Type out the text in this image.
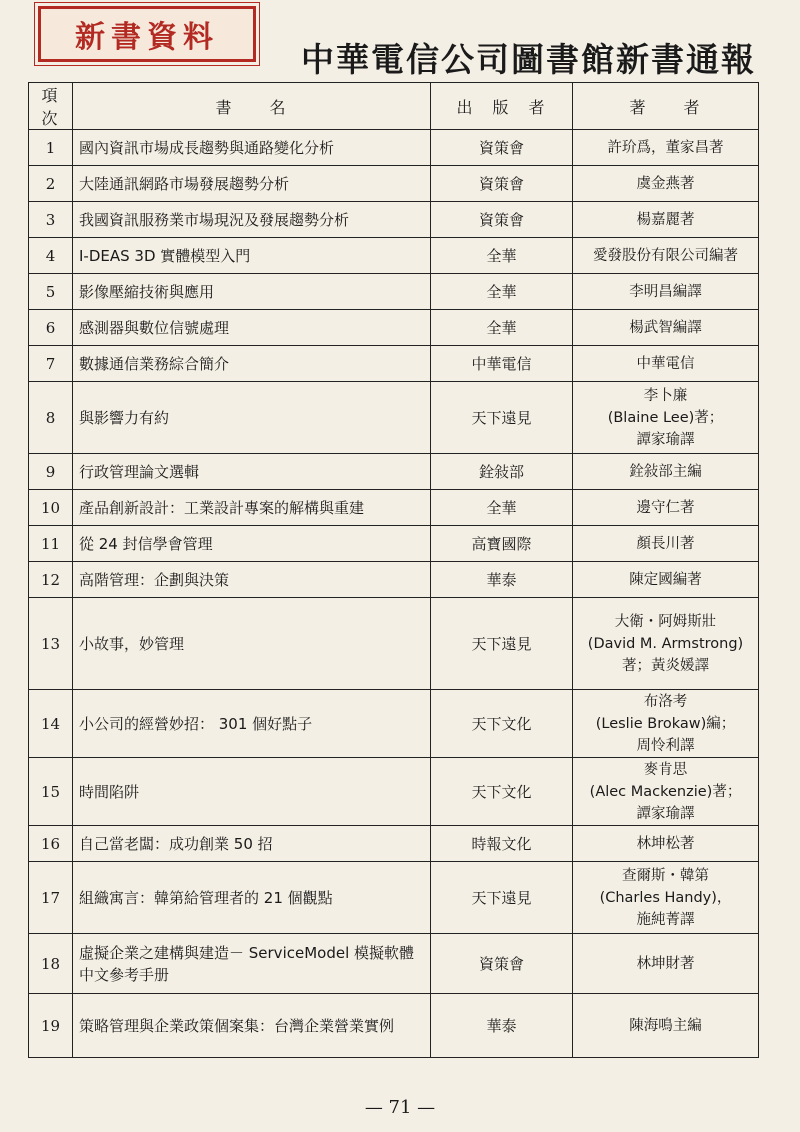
新書資料
中華電信公司圖書館新書通報
項次	書　　名	出　版　者	著　　者
1	國內資訊市場成長趨勢與通路變化分析	資策會	許玠爲，董家昌著
2	大陸通訊網路市場發展趨勢分析	資策會	虞金燕著
3	我國資訊服務業市場現況及發展趨勢分析	資策會	楊嘉麗著
4	I-DEAS 3D 實體模型入門	全華	愛發股份有限公司編著
5	影像壓縮技術與應用	全華	李明昌編譯
6	感測器與數位信號處理	全華	楊武智編譯
7	數據通信業務綜合簡介	中華電信	中華電信
8	與影響力有約	天下遠見	李卜廉
(Blaine Lee)著；
譚家瑜譯
9	行政管理論文選輯	銓敍部	銓敍部主編
10	產品創新設計：工業設計專案的解構與重建	全華	邊守仁著
11	從 24 封信學會管理	高寶國際	顏長川著
12	高階管理：企劃與決策	華泰	陳定國編著
13	小故事，妙管理	天下遠見	大衛・阿姆斯壯
(David M. Armstrong)
著；黃炎媛譯
14	小公司的經營妙招： 301 個好點子	天下文化	布洛考
(Leslie Brokaw)編；
周怜利譯
15	時間陷阱	天下文化	麥肯思
(Alec Mackenzie)著；
譚家瑜譯
16	自己當老闆：成功創業 50 招	時報文化	林坤松著
17	組織寓言：韓第給管理者的 21 個觀點	天下遠見	查爾斯・韓第
(Charles Handy)，
施純菁譯
18	虛擬企業之建構與建造－ ServiceModel 模擬軟體中文參考手册	資策會	林坤財著
19	策略管理與企業政策個案集：台灣企業營業實例	華泰	陳海鳴主編
— 71 —
